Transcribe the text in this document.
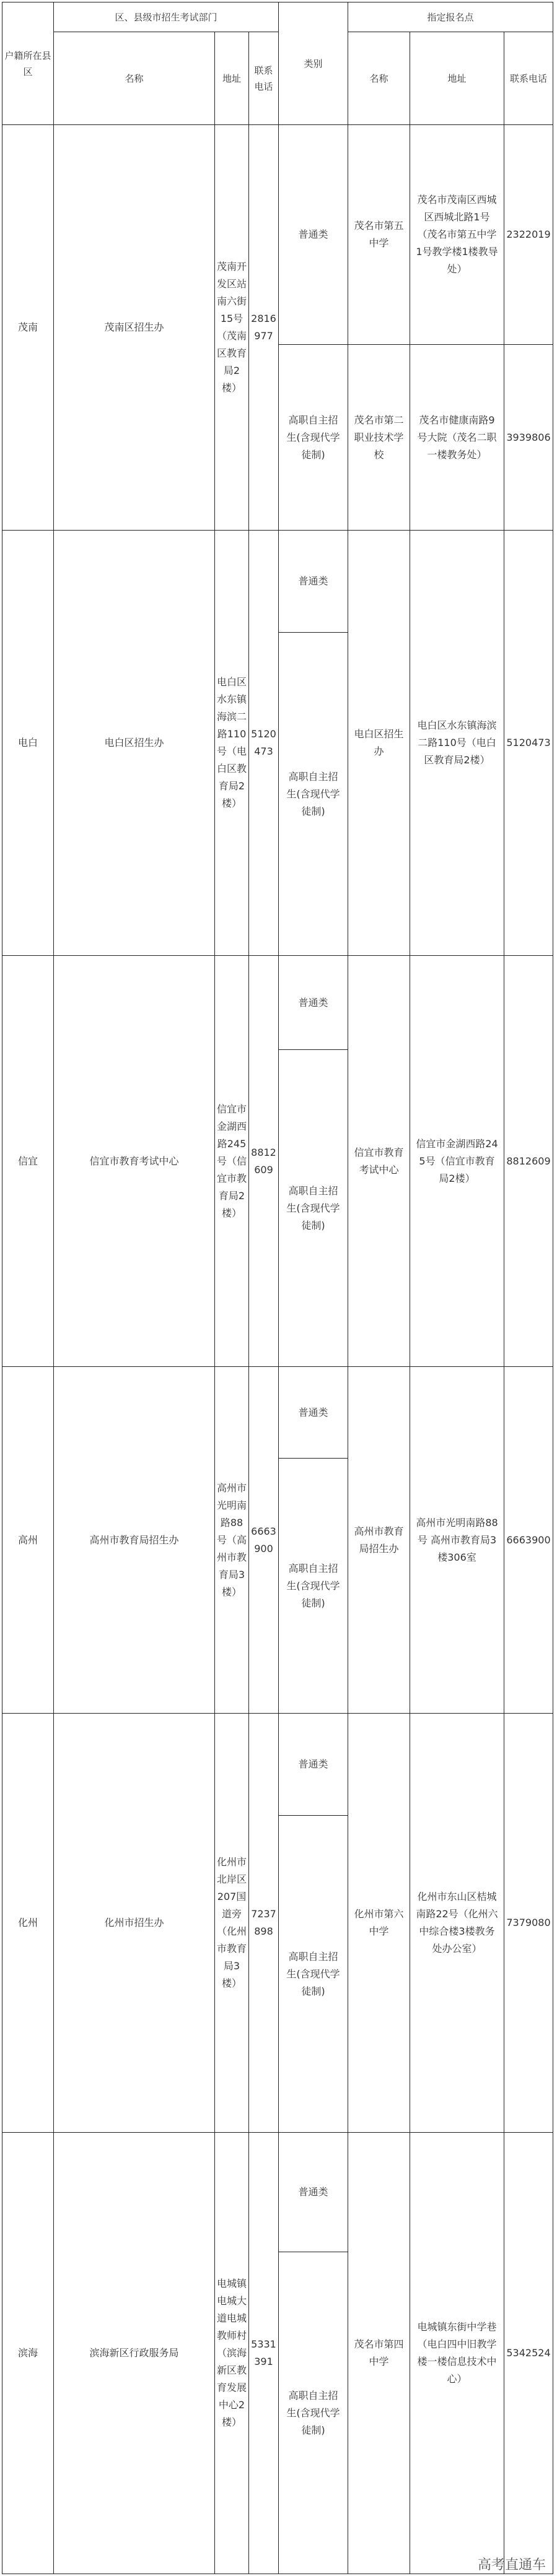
户籍所在县区	区、县级市招生考试部门			类别	指定报名点		
	名称	地址	联系电话		名称	地址	联系电话
茂南	茂南区招生办	茂南开发区站南六街15号（茂南区教育局2楼）	2816977	普通类	茂名市第五中学	茂名市茂南区西城区西城北路1号（茂名市第五中学1号教学楼1楼教导处）	2322019
				高职自主招生(含现代学徒制)	茂名市第二职业技术学校	茂名市健康南路9号大院（茂名二职一楼教务处）	3939806
电白	电白区招生办	电白区水东镇海滨二路110号（电白区教育局2楼）	5120473	普通类	电白区招生办	电白区水东镇海滨二路110号（电白区教育局2楼）	5120473
				高职自主招生(含现代学徒制)			
信宜	信宜市教育考试中心	信宜市金湖西路245号（信宜市教育局2楼）	8812609	普通类	信宜市教育考试中心	信宜市金湖西路245号（信宜市教育局2楼）	8812609
				高职自主招生(含现代学徒制)			
高州	高州市教育局招生办	高州市光明南路88号（高州市教育局3楼）	6663900	普通类	高州市教育局招生办	高州市光明南路88号 高州市教育局3楼306室	6663900
				高职自主招生(含现代学徒制)			
化州	化州市招生办	化州市北岸区207国道旁（化州市教育局3楼）	7237898	普通类	化州市第六中学	化州市东山区桔城南路22号（化州六中综合楼3楼教务处办公室）	7379080
				高职自主招生(含现代学徒制)			
滨海	滨海新区行政服务局	电城镇电城大道电城教师村（滨海新区教育发展中心2楼）	5331391	普通类	茂名市第四中学	电城镇东街中学巷（电白四中旧教学楼一楼信息技术中心）	5342524
				高职自主招生(含现代学徒制)			
高考直通车
